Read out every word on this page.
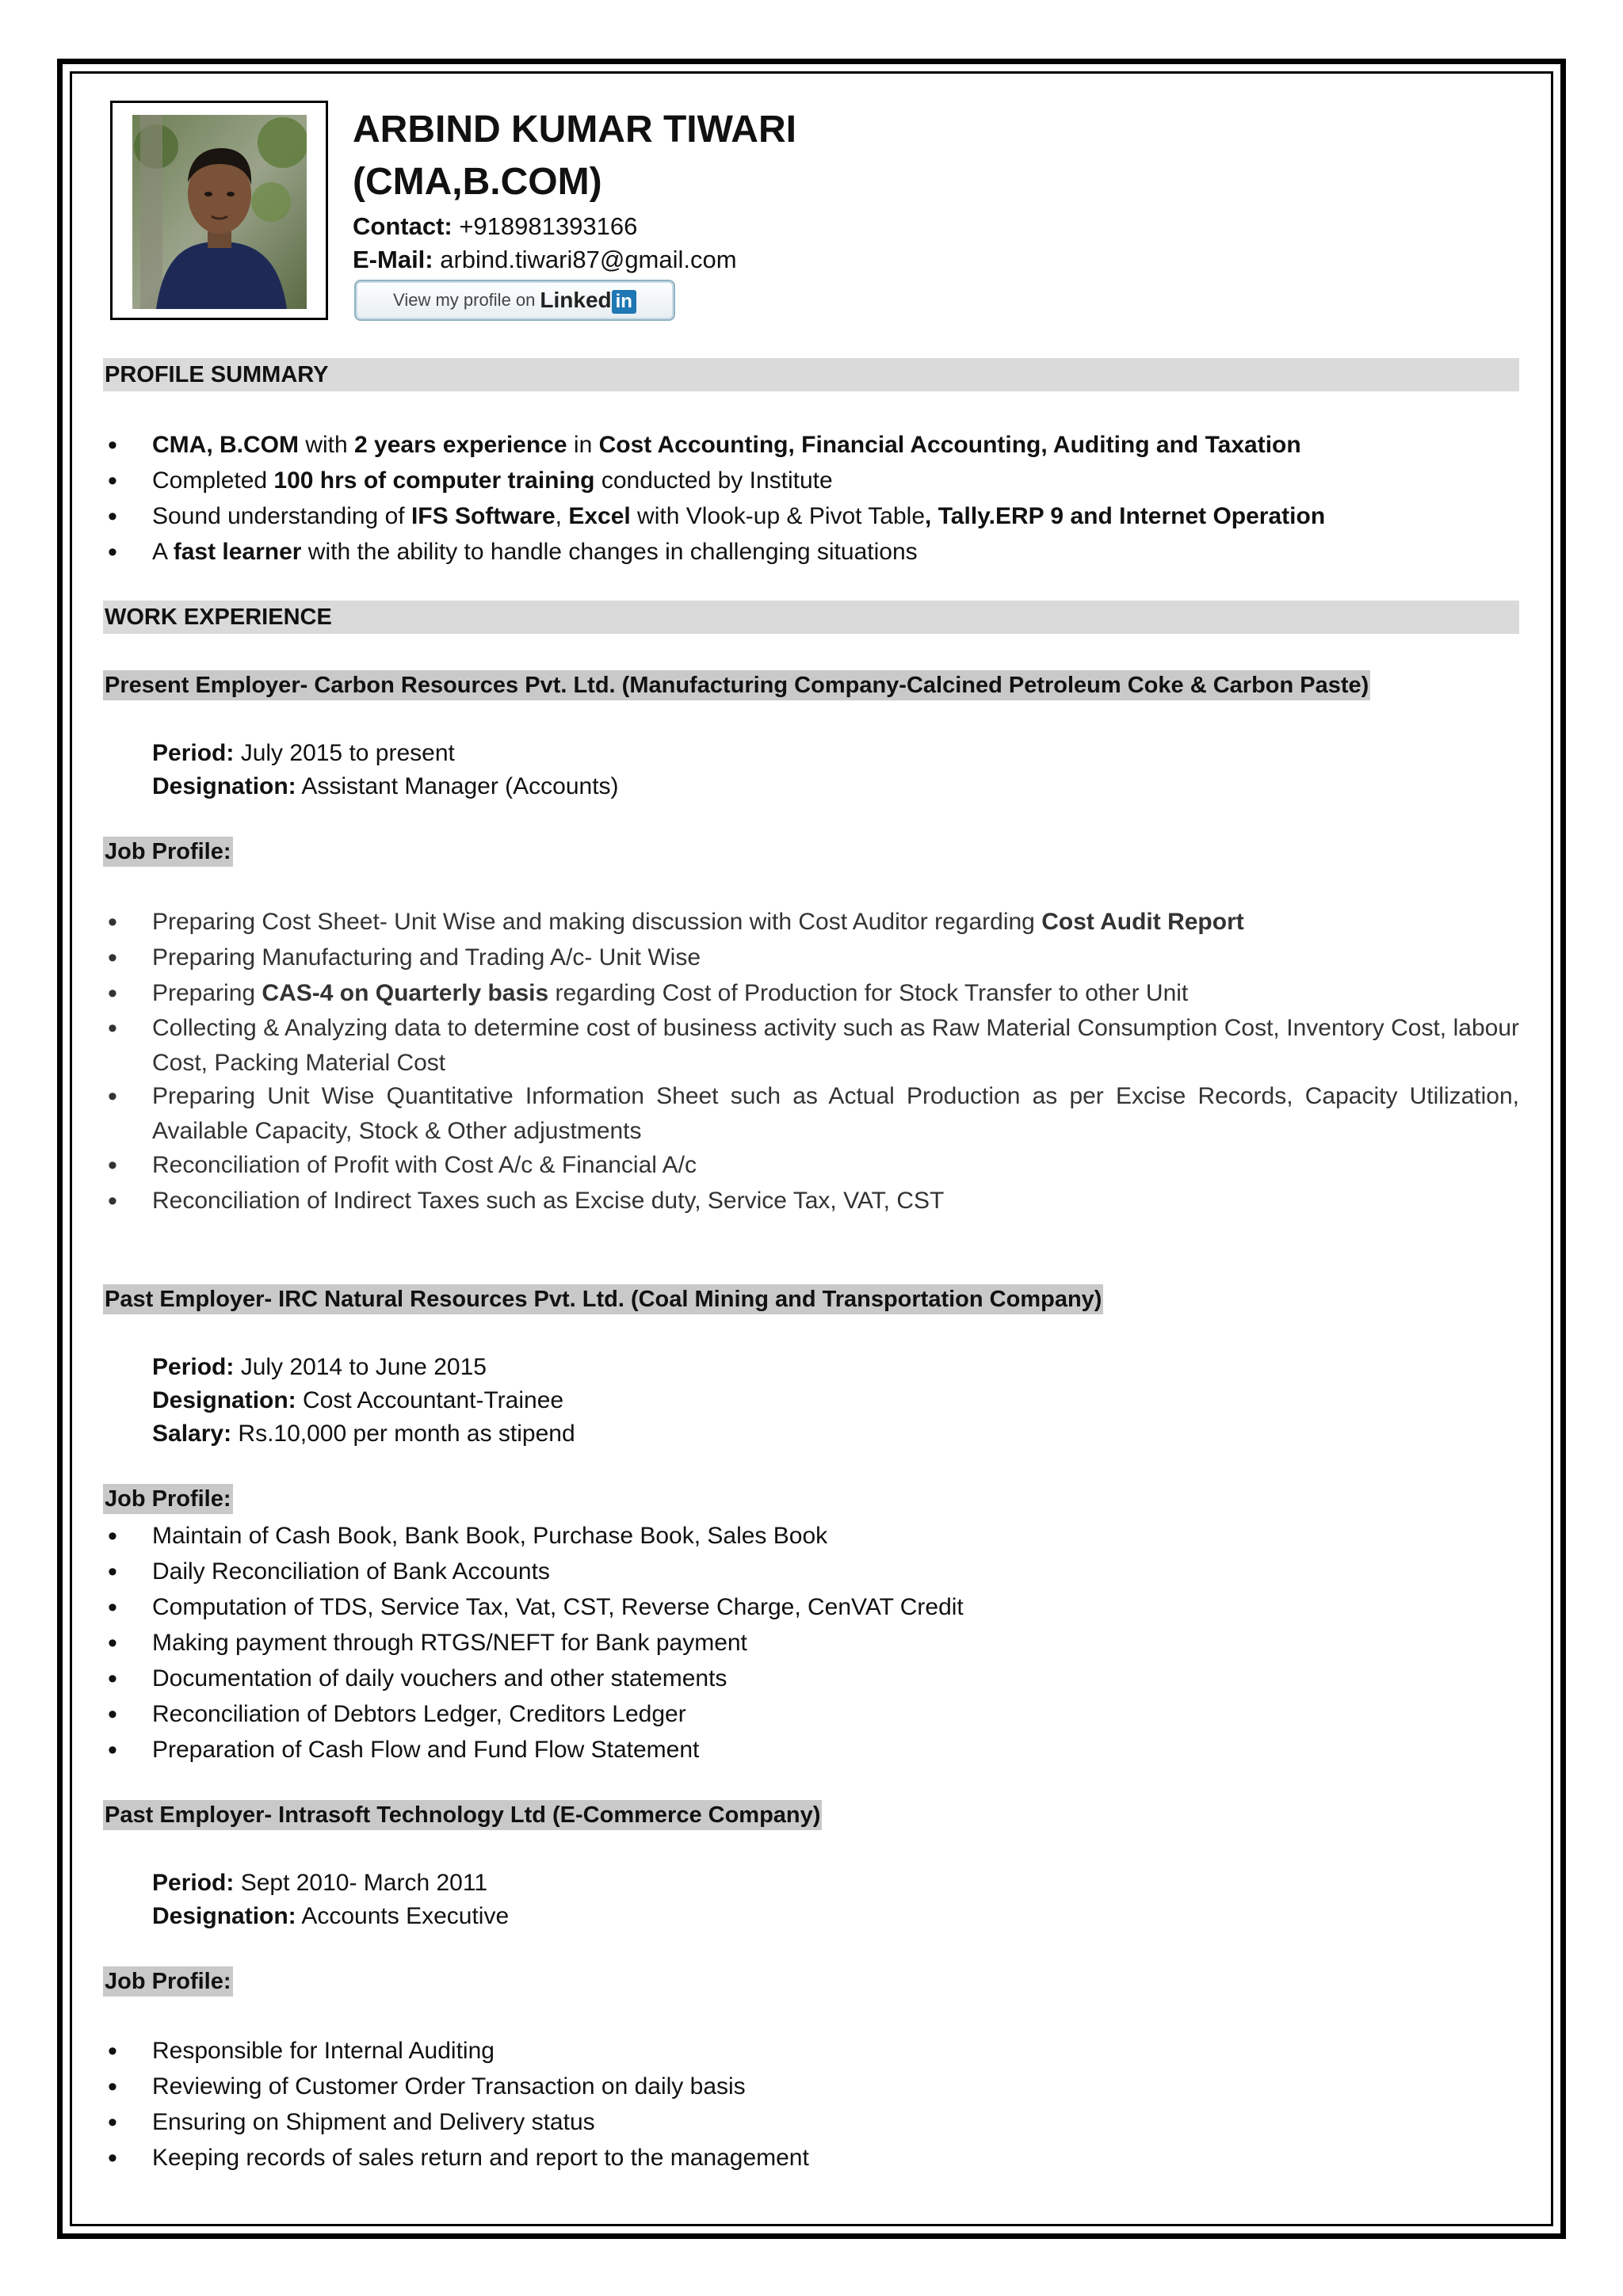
ARBIND KUMAR TIWARI
(CMA,B.COM)
Contact: +918981393166
E-Mail: arbind.tiwari87@gmail.com
View my profile on Linked in
PROFILE SUMMARY
• CMA, B.COM with 2 years experience in Cost Accounting, Financial Accounting, Auditing and Taxation
• Completed 100 hrs of computer training conducted by Institute
• Sound understanding of IFS Software, Excel with Vlook-up & Pivot Table, Tally.ERP 9 and Internet Operation
• A fast learner with the ability to handle changes in challenging situations
WORK EXPERIENCE
Present Employer- Carbon Resources Pvt. Ltd. (Manufacturing Company-Calcined Petroleum Coke & Carbon Paste)
Period: July 2015 to present
Designation: Assistant Manager (Accounts)
Job Profile:
• Preparing Cost Sheet- Unit Wise and making discussion with Cost Auditor regarding Cost Audit Report
• Preparing Manufacturing and Trading A/c- Unit Wise
• Preparing CAS-4 on Quarterly basis regarding Cost of Production for Stock Transfer to other Unit
• Collecting & Analyzing data to determine cost of business activity such as Raw Material Consumption Cost, Inventory Cost, labour Cost, Packing Material Cost
• Preparing Unit Wise Quantitative Information Sheet such as Actual Production as per Excise Records, Capacity Utilization, Available Capacity, Stock & Other adjustments
• Reconciliation of Profit with Cost A/c & Financial A/c
• Reconciliation of Indirect Taxes such as Excise duty, Service Tax, VAT, CST
Past Employer- IRC Natural Resources Pvt. Ltd. (Coal Mining and Transportation Company)
Period: July 2014 to June 2015
Designation: Cost Accountant-Trainee
Salary: Rs.10,000 per month as stipend
Job Profile:
• Maintain of Cash Book, Bank Book, Purchase Book, Sales Book
• Daily Reconciliation of Bank Accounts
• Computation of TDS, Service Tax, Vat, CST, Reverse Charge, CenVAT Credit
• Making payment through RTGS/NEFT for Bank payment
• Documentation of daily vouchers and other statements
• Reconciliation of Debtors Ledger, Creditors Ledger
• Preparation of Cash Flow and Fund Flow Statement
Past Employer- Intrasoft Technology Ltd (E-Commerce Company)
Period: Sept 2010- March 2011
Designation: Accounts Executive
Job Profile:
• Responsible for Internal Auditing
• Reviewing of Customer Order Transaction on daily basis
• Ensuring on Shipment and Delivery status
• Keeping records of sales return and report to the management
